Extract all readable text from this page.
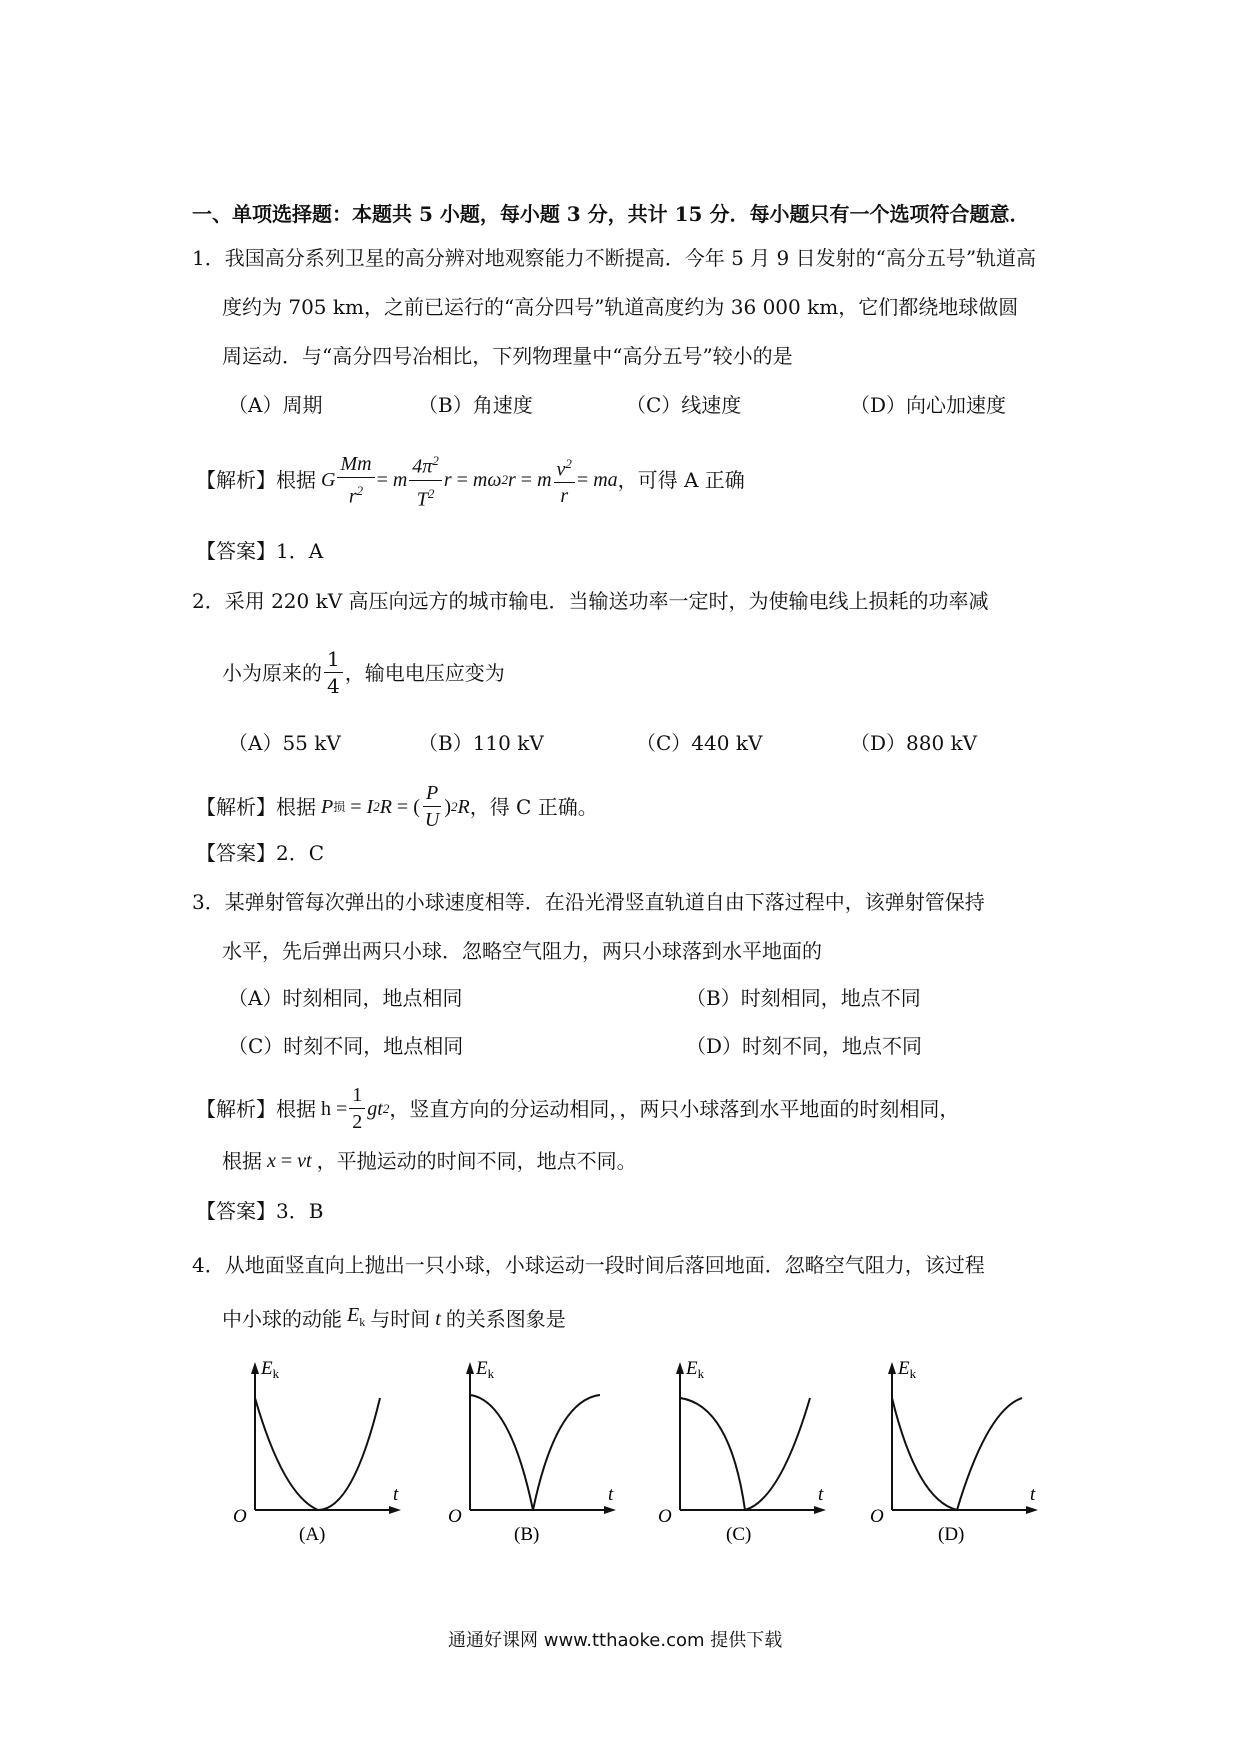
一、单项选择题：本题共 5 小题，每小题 3 分，共计 15 分．每小题只有一个选项符合题意．
1．我国高分系列卫星的高分辨对地观察能力不断提高．今年 5 月 9 日发射的“高分五号”轨道高
度约为 705 km，之前已运行的“高分四号”轨道高度约为 36 000 km，它们都绕地球做圆
周运动．与“高分四号冶相比，下列物理量中“高分五号”较小的是
（A）周期	（B）角速度	（C）线速度	（D）向心加速度
【解析】根据 G $\frac{Mm}{r^2} = m \frac{4\pi^2}{T^2}$ r = mω 2 r = m $\frac{v^2}{r}$ = ma ，可得 A 正确
【答案】1．A
2．采用 220 kV 高压向远方的城市输电．当输送功率一定时，为使输电线上损耗的功率减
小为原来的 $\frac{1}{4}$ ，输电电压应变为
（A）55 kV	（B）110 kV	（C）440 kV	（D）880 kV
【解析】根据 P 损
= I 2 R =
( $\frac{P}{U}$ ) 2 R ，得 C 正确。
【答案】2．C
3．某弹射管每次弹出的小球速度相等．在沿光滑竖直轨道自由下落过程中，该弹射管保持
水平，先后弹出两只小球．忽略空气阻力，两只小球落到水平地面的
（A）时刻相同，地点相同	（B）时刻相同，地点不同
（C）时刻不同，地点相同	（D）时刻不同，地点不同
【解析】根据
h
= $\frac{1}{2}$ gt 2 ，竖直方向的分运动相同，，两只小球落到水平地面的时刻相同，
根据 x = vt ，平抛运动的时间不同，地点不同。
【答案】3．B
4．从地面竖直向上抛出一只小球，小球运动一段时间后落回地面．忽略空气阻力，该过程
中小球的动能 $E_k$ 与时间 t 的关系图象是
$E_k$
t
O
(A)
$E_k$
t
O
(B)
$E_k$
t
O
(C)
$E_k$
t
O
(D)
通通好课网 www.tthaoke.com 提供下载
